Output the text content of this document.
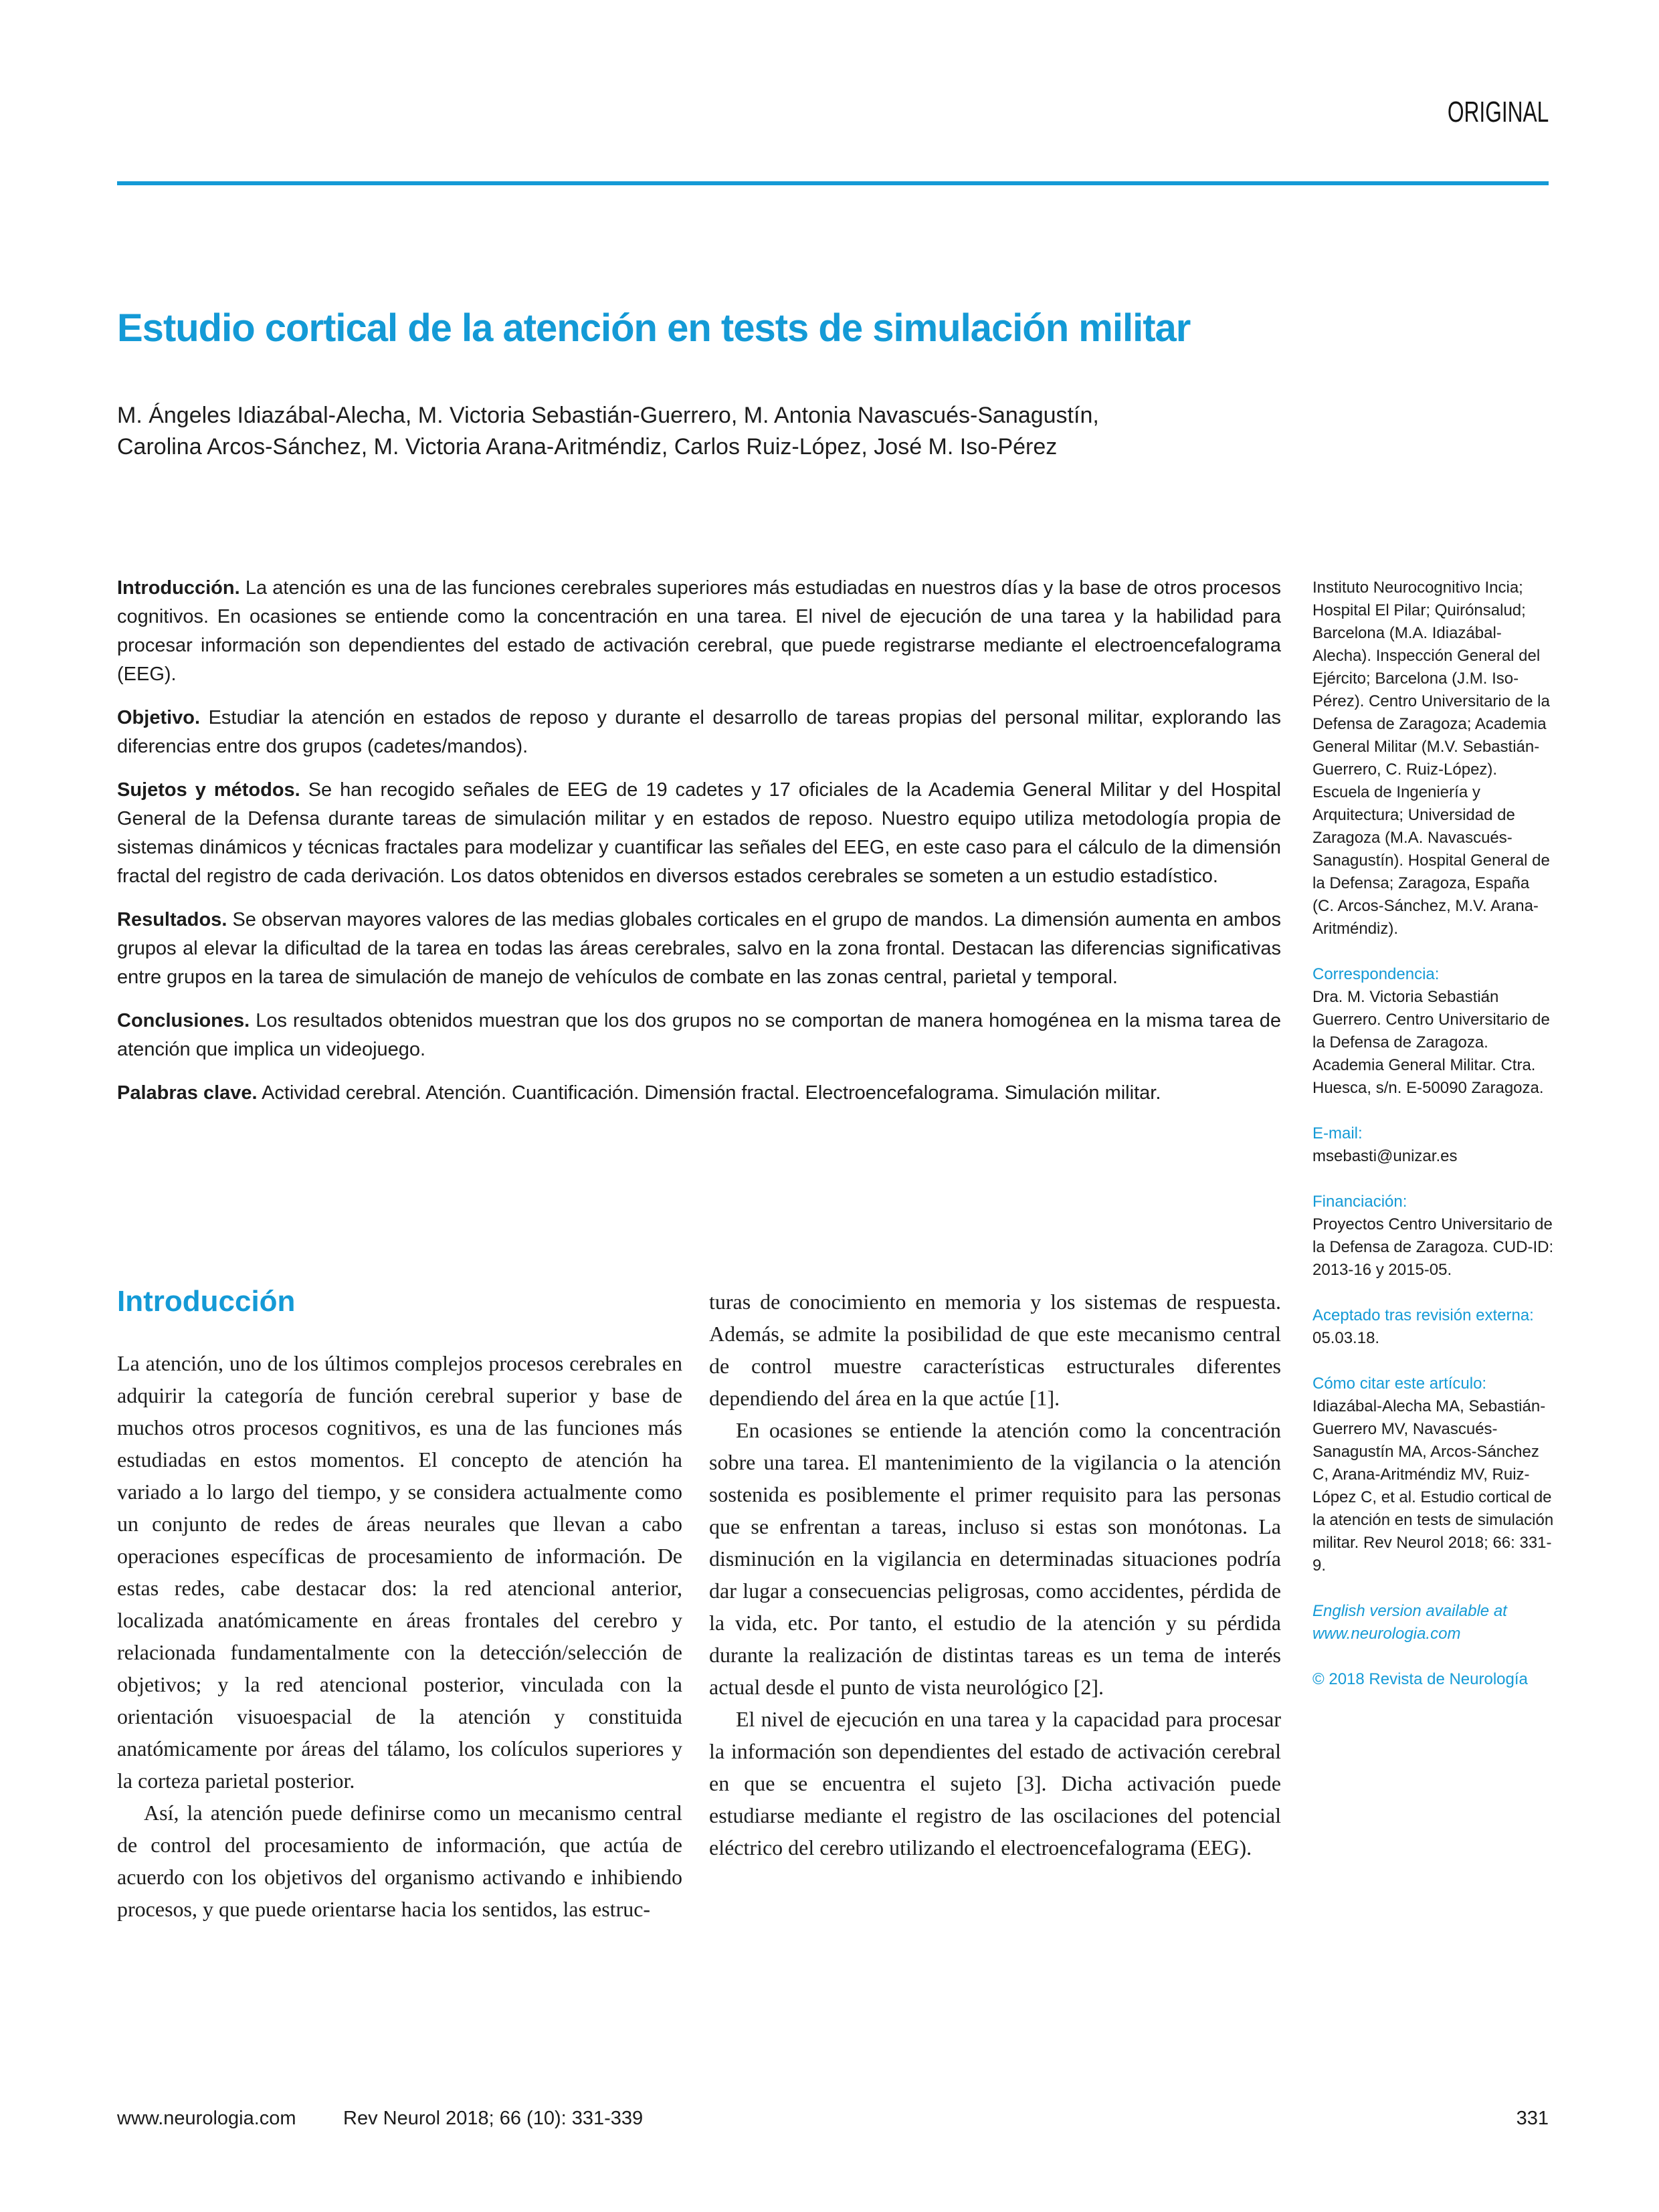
ORIGINAL
Estudio cortical de la atención en tests de simulación militar
M. Ángeles Idiazábal-Alecha, M. Victoria Sebastián-Guerrero, M. Antonia Navascués-Sanagustín,
Carolina Arcos-Sánchez, M. Victoria Arana-Aritméndiz, Carlos Ruiz-López, José M. Iso-Pérez

Introducción. La atención es una de las funciones cerebrales superiores más estudiadas en nuestros días y la base de otros procesos cognitivos. En ocasiones se entiende como la concentración en una tarea. El nivel de ejecución de una tarea y la habilidad para procesar información son dependientes del estado de activación cerebral, que puede registrarse mediante el electroencefalograma (EEG).

Objetivo. Estudiar la atención en estados de reposo y durante el desarrollo de tareas propias del personal militar, explorando las diferencias entre dos grupos (cadetes/mandos).

Sujetos y métodos. Se han recogido señales de EEG de 19 cadetes y 17 oficiales de la Academia General Militar y del Hospital General de la Defensa durante tareas de simulación militar y en estados de reposo. Nuestro equipo utiliza metodología propia de sistemas dinámicos y técnicas fractales para modelizar y cuantificar las señales del EEG, en este caso para el cálculo de la dimensión fractal del registro de cada derivación. Los datos obtenidos en diversos estados cerebrales se someten a un estudio estadístico.

Resultados. Se observan mayores valores de las medias globales corticales en el grupo de mandos. La dimensión aumenta en ambos grupos al elevar la dificultad de la tarea en todas las áreas cerebrales, salvo en la zona frontal. Destacan las diferencias significativas entre grupos en la tarea de simulación de manejo de vehículos de combate en las zonas central, parietal y temporal.

Conclusiones. Los resultados obtenidos muestran que los dos grupos no se comportan de manera homogénea en la misma tarea de atención que implica un videojuego.

Palabras clave. Actividad cerebral. Atención. Cuantificación. Dimensión fractal. Electroencefalograma. Simulación militar.

Instituto Neurocognitivo Incia; Hospital El Pilar; Quirónsalud; Barcelona (M.A. Idiazábal-Alecha). Inspección General del Ejército; Barcelona (J.M. Iso-Pérez). Centro Universitario de la Defensa de Zaragoza; Academia General Militar (M.V. Sebastián-Guerrero, C. Ruiz-López). Escuela de Ingeniería y Arquitectura; Universidad de Zaragoza (M.A. Navascués-Sanagustín). Hospital General de la Defensa; Zaragoza, España (C. Arcos-Sánchez, M.V. Arana-Aritméndiz).
Correspondencia:
Dra. M. Victoria Sebastián Guerrero. Centro Universitario de la Defensa de Zaragoza. Academia General Militar. Ctra. Huesca, s/n. E-50090 Zaragoza.
E-mail:
msebasti@unizar.es
Financiación:
Proyectos Centro Universitario de la Defensa de Zaragoza. CUD-ID: 2013-16 y 2015-05.
Aceptado tras revisión externa:
05.03.18.
Cómo citar este artículo:
Idiazábal-Alecha MA, Sebastián-Guerrero MV, Navascués-Sanagustín MA, Arcos-Sánchez C, Arana-Aritméndiz MV, Ruiz-López C, et al. Estudio cortical de la atención en tests de simulación militar. Rev Neurol 2018; 66: 331-9.
English version available at www.neurologia.com
© 2018 Revista de Neurología
Introducción

La atención, uno de los últimos complejos procesos cerebrales en adquirir la categoría de función cerebral superior y base de muchos otros procesos cognitivos, es una de las funciones más estudiadas en estos momentos. El concepto de atención ha variado a lo largo del tiempo, y se considera actualmente como un conjunto de redes de áreas neurales que llevan a cabo operaciones específicas de procesamiento de información. De estas redes, cabe destacar dos: la red atencional anterior, localizada anatómicamente en áreas frontales del cerebro y relacionada fundamentalmente con la detección/selección de objetivos; y la red atencional posterior, vinculada con la orientación visuoespacial de la atención y constituida anatómicamente por áreas del tálamo, los colículos superiores y la corteza parietal posterior.

Así, la atención puede definirse como un mecanismo central de control del procesamiento de información, que actúa de acuerdo con los objetivos del organismo activando e inhibiendo procesos, y que puede orientarse hacia los sentidos, las estruc-

turas de conocimiento en memoria y los sistemas de respuesta. Además, se admite la posibilidad de que este mecanismo central de control muestre características estructurales diferentes dependiendo del área en la que actúe [1].

En ocasiones se entiende la atención como la concentración sobre una tarea. El mantenimiento de la vigilancia o la atención sostenida es posiblemente el primer requisito para las personas que se enfrentan a tareas, incluso si estas son monótonas. La disminución en la vigilancia en determinadas situaciones podría dar lugar a consecuencias peligrosas, como accidentes, pérdida de la vida, etc. Por tanto, el estudio de la atención y su pérdida durante la realización de distintas tareas es un tema de interés actual desde el punto de vista neurológico [2].

El nivel de ejecución en una tarea y la capacidad para procesar la información son dependientes del estado de activación cerebral en que se encuentra el sujeto [3]. Dicha activación puede estudiarse mediante el registro de las oscilaciones del potencial eléctrico del cerebro utilizando el electroencefalograma (EEG).

www.neurologia.com Rev Neurol 2018; 66 (10): 331-339	331
